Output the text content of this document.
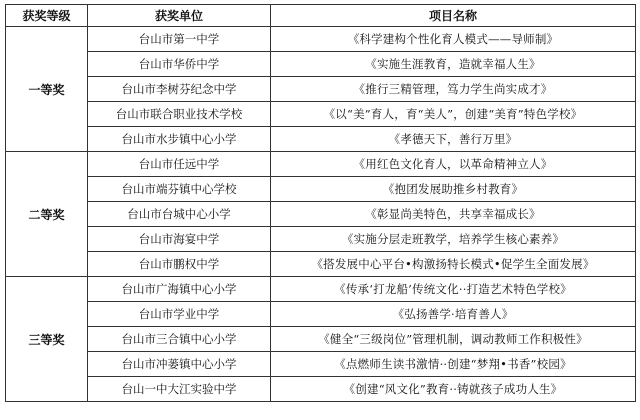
获奖等级	获奖单位	项目名称
一等奖	台山市第一中学	《科学建构个性化育人模式——导师制》
	台山市华侨中学	《实施生涯教育，造就幸福人生》
	台山市李树芬纪念中学	《推行三精管理，笃力学生尚实成才》
	台山市联合职业技术学校	《以“美”育人，育“美人”，创建“美育”特色学校》
	台山市水步镇中心小学	《孝德天下，善行万里》
二等奖	台山市任远中学	《用红色文化育人，以革命精神立人》
	台山市端芬镇中心学校	《抱团发展助推乡村教育》
	台山市台城中心小学	《彰显尚美特色，共享幸福成长》
	台山市海宴中学	《实施分层走班教学，培养学生核心素养》
	台山市鹏权中学	《搭发展中心平台•构激扬特长模式•促学生全面发展》
三等奖	台山市广海镇中心小学	《传承‘打龙船’传统文化··打造艺术特色学校》
	台山市学业中学	《弘扬善学·培育善人》
	台山市三合镇中心小学	《健全“三级岗位”管理机制，调动教师工作积极性》
	台山市冲蒌镇中心小学	《点燃师生读书激情··创建“梦翔•书香”校园》
	台山一中大江实验中学	《创建“风文化”教育··铸就孩子成功人生》
